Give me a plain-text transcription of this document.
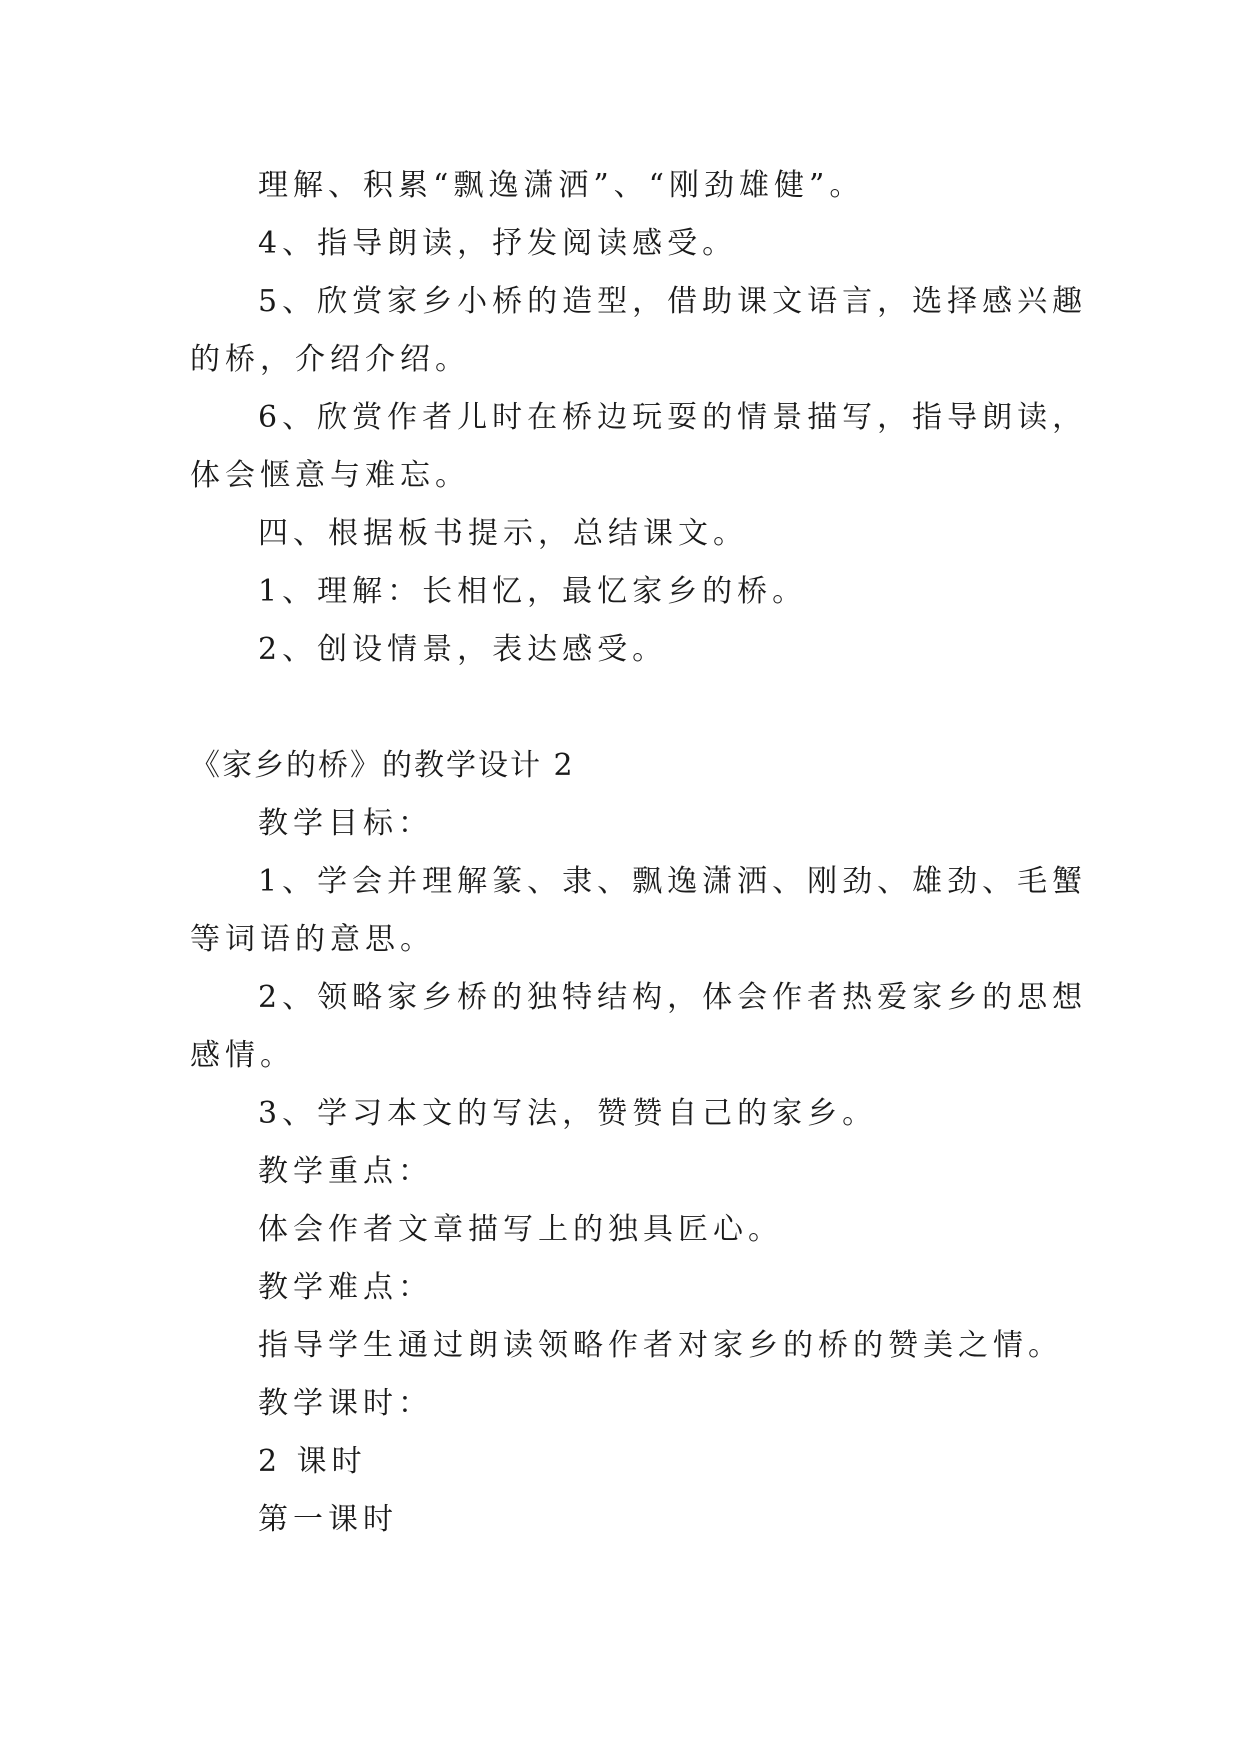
理解、积累“飘逸潇洒”、“刚劲雄健”。
4、指导朗读，抒发阅读感受。
5、欣赏家乡小桥的造型，借助课文语言，选择感兴趣
的桥，介绍介绍。
6、欣赏作者儿时在桥边玩耍的情景描写，指导朗读，
体会惬意与难忘。
四、根据板书提示，总结课文。
1、理解：长相忆，最忆家乡的桥。
2、创设情景，表达感受。
《家乡的桥》的教学设计 2
教学目标：
1、学会并理解篆、隶、飘逸潇洒、刚劲、雄劲、毛蟹
等词语的意思。
2、领略家乡桥的独特结构，体会作者热爱家乡的思想
感情。
3、学习本文的写法，赞赞自己的家乡。
教学重点：
体会作者文章描写上的独具匠心。
教学难点：
指导学生通过朗读领略作者对家乡的桥的赞美之情。
教学课时：
2 课时
第一课时
